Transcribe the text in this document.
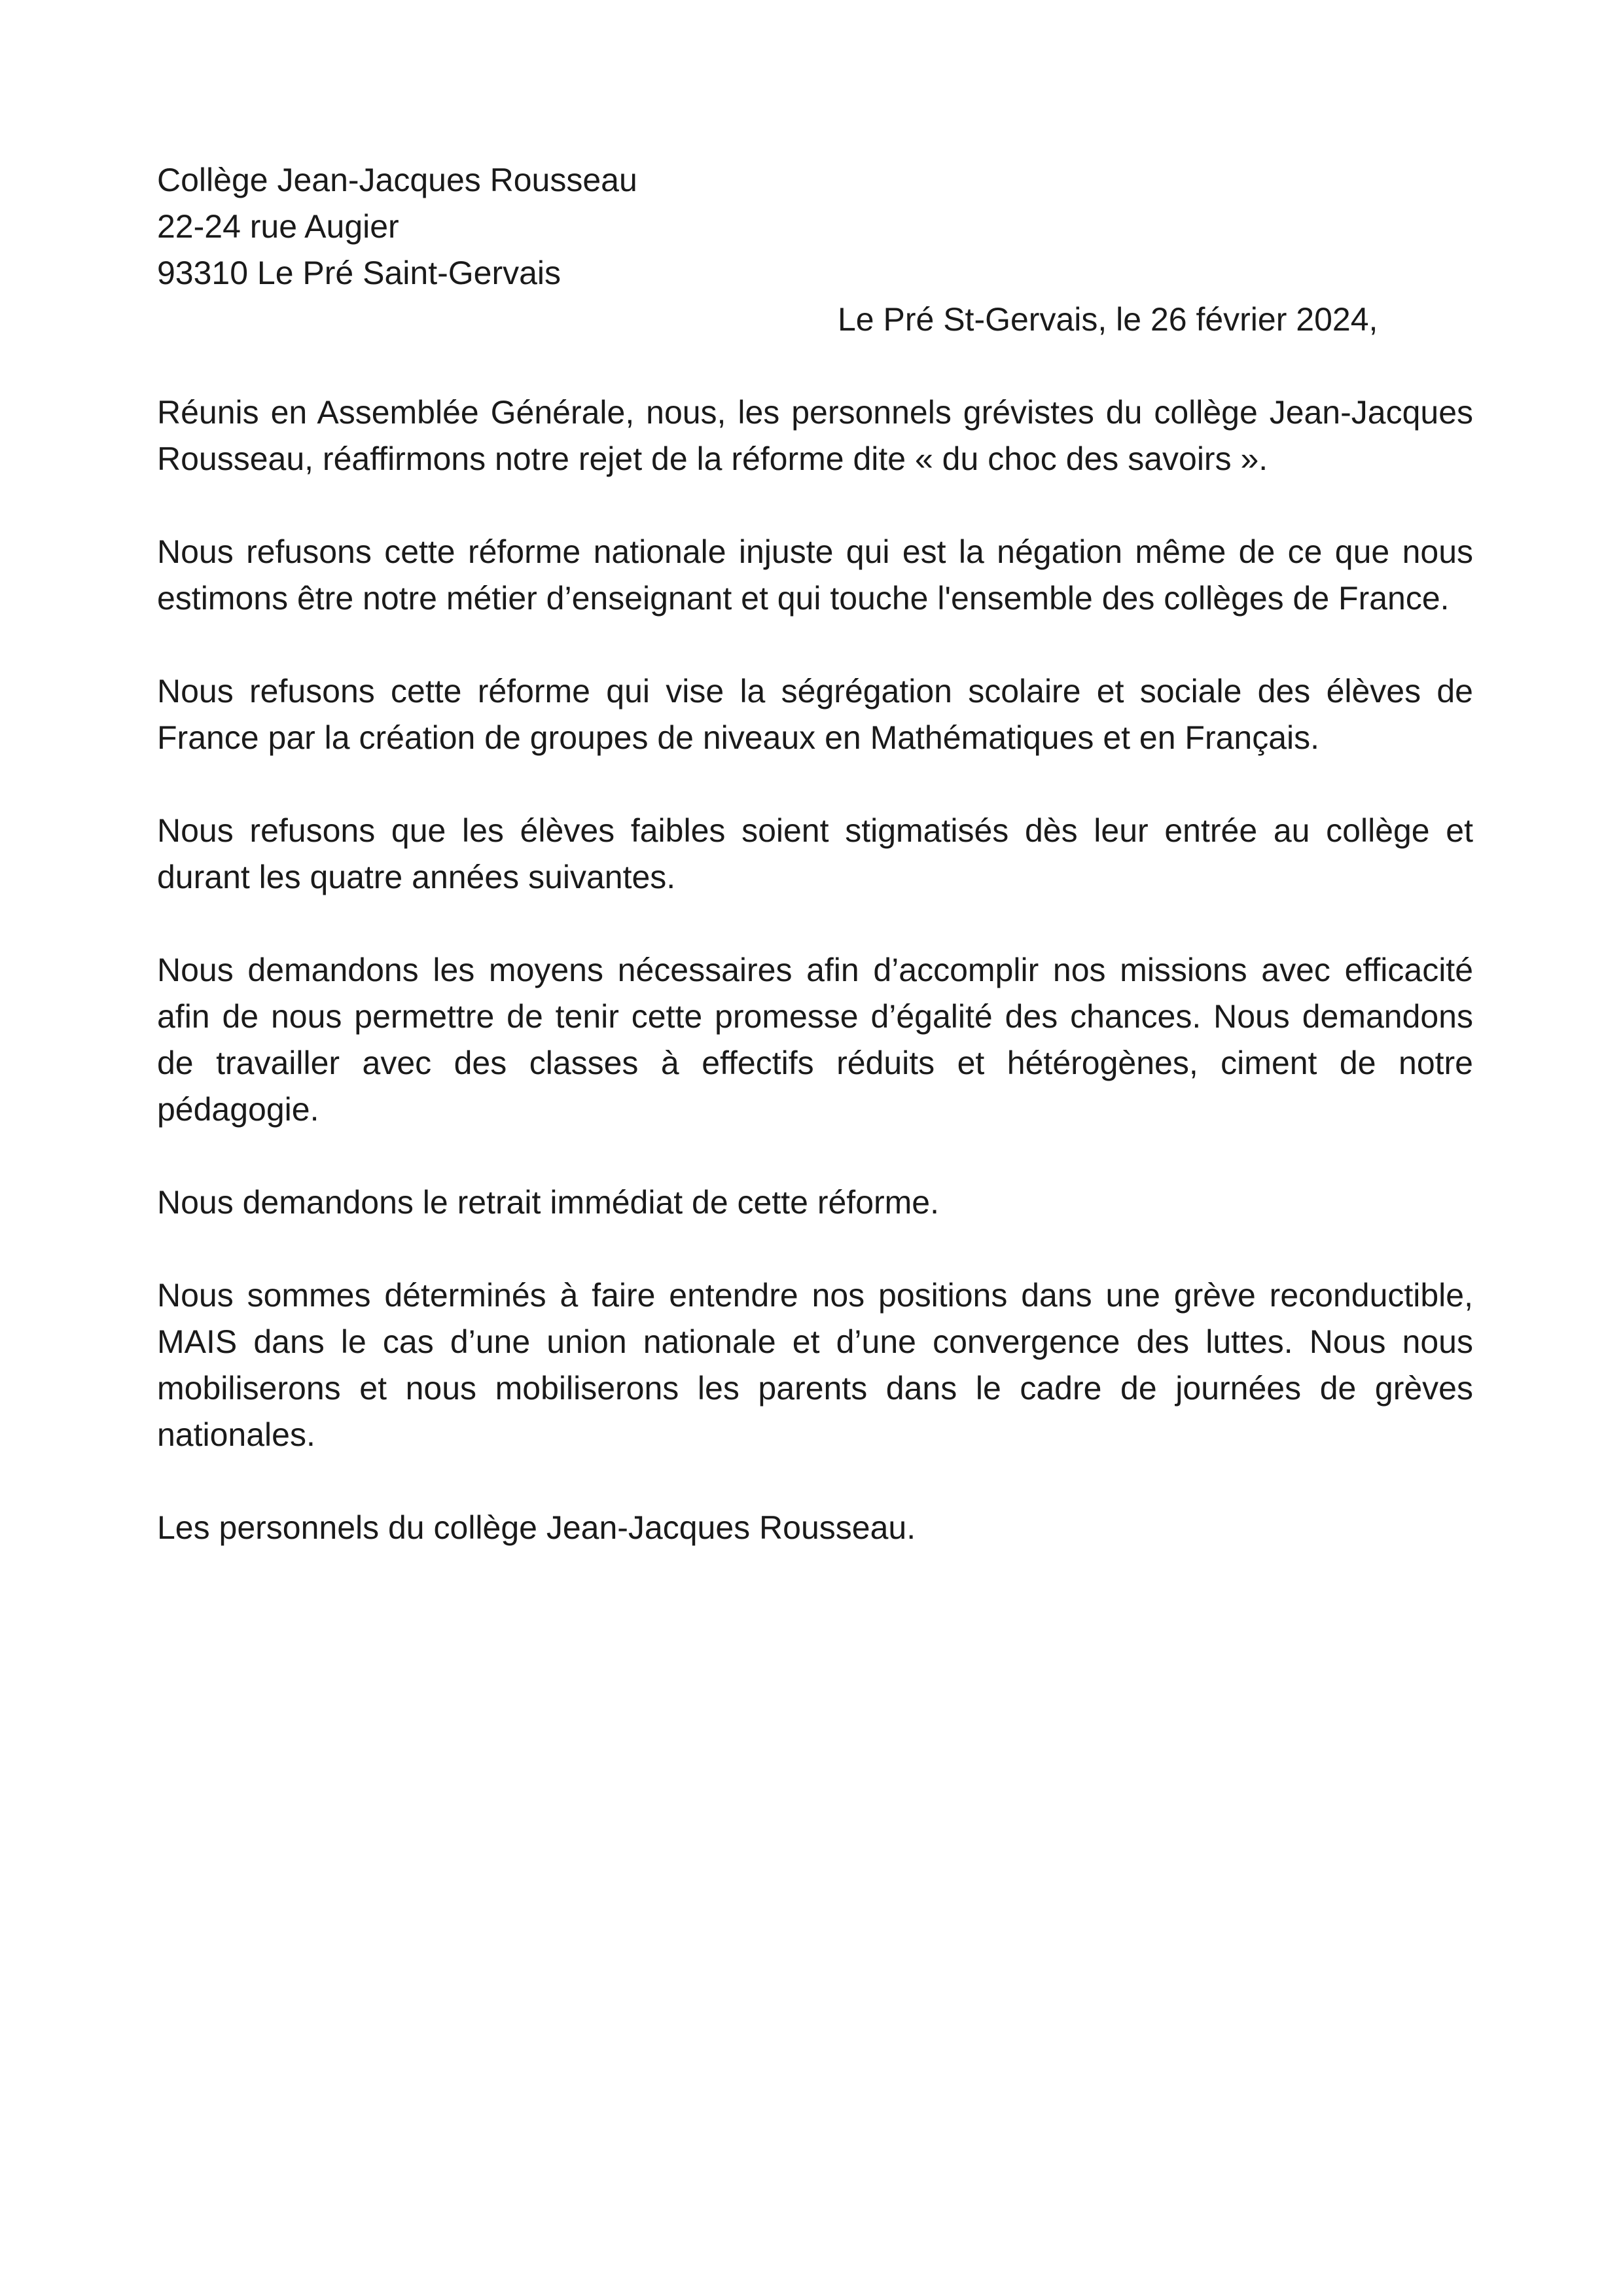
Collège Jean-Jacques Rousseau
22-24 rue Augier
93310 Le Pré Saint-Gervais
Le Pré St-Gervais, le 26 février 2024,

Réunis en Assemblée Générale, nous, les personnels grévistes du collège Jean-Jacques Rousseau, réaffirmons notre rejet de la réforme dite « du choc des savoirs ».

Nous refusons cette réforme nationale injuste qui est la négation même de ce que nous estimons être notre métier d’enseignant et qui touche l'ensemble des collèges de France.

Nous refusons cette réforme qui vise la ségrégation scolaire et sociale des élèves de France par la création de groupes de niveaux en Mathématiques et en Français.

Nous refusons que les élèves faibles soient stigmatisés dès leur entrée au collège et durant les quatre années suivantes.

Nous demandons les moyens nécessaires afin d’accomplir nos missions avec efficacité afin de nous permettre de tenir cette promesse d’égalité des chances. Nous demandons de travailler avec des classes à effectifs réduits et hétérogènes, ciment de notre pédagogie.

Nous demandons le retrait immédiat de cette réforme.

Nous sommes déterminés à faire entendre nos positions dans une grève reconductible, MAIS dans le cas d’une union nationale et d’une convergence des luttes. Nous nous mobiliserons et nous mobiliserons les parents dans le cadre de journées de grèves nationales.

Les personnels du collège Jean-Jacques Rousseau.
